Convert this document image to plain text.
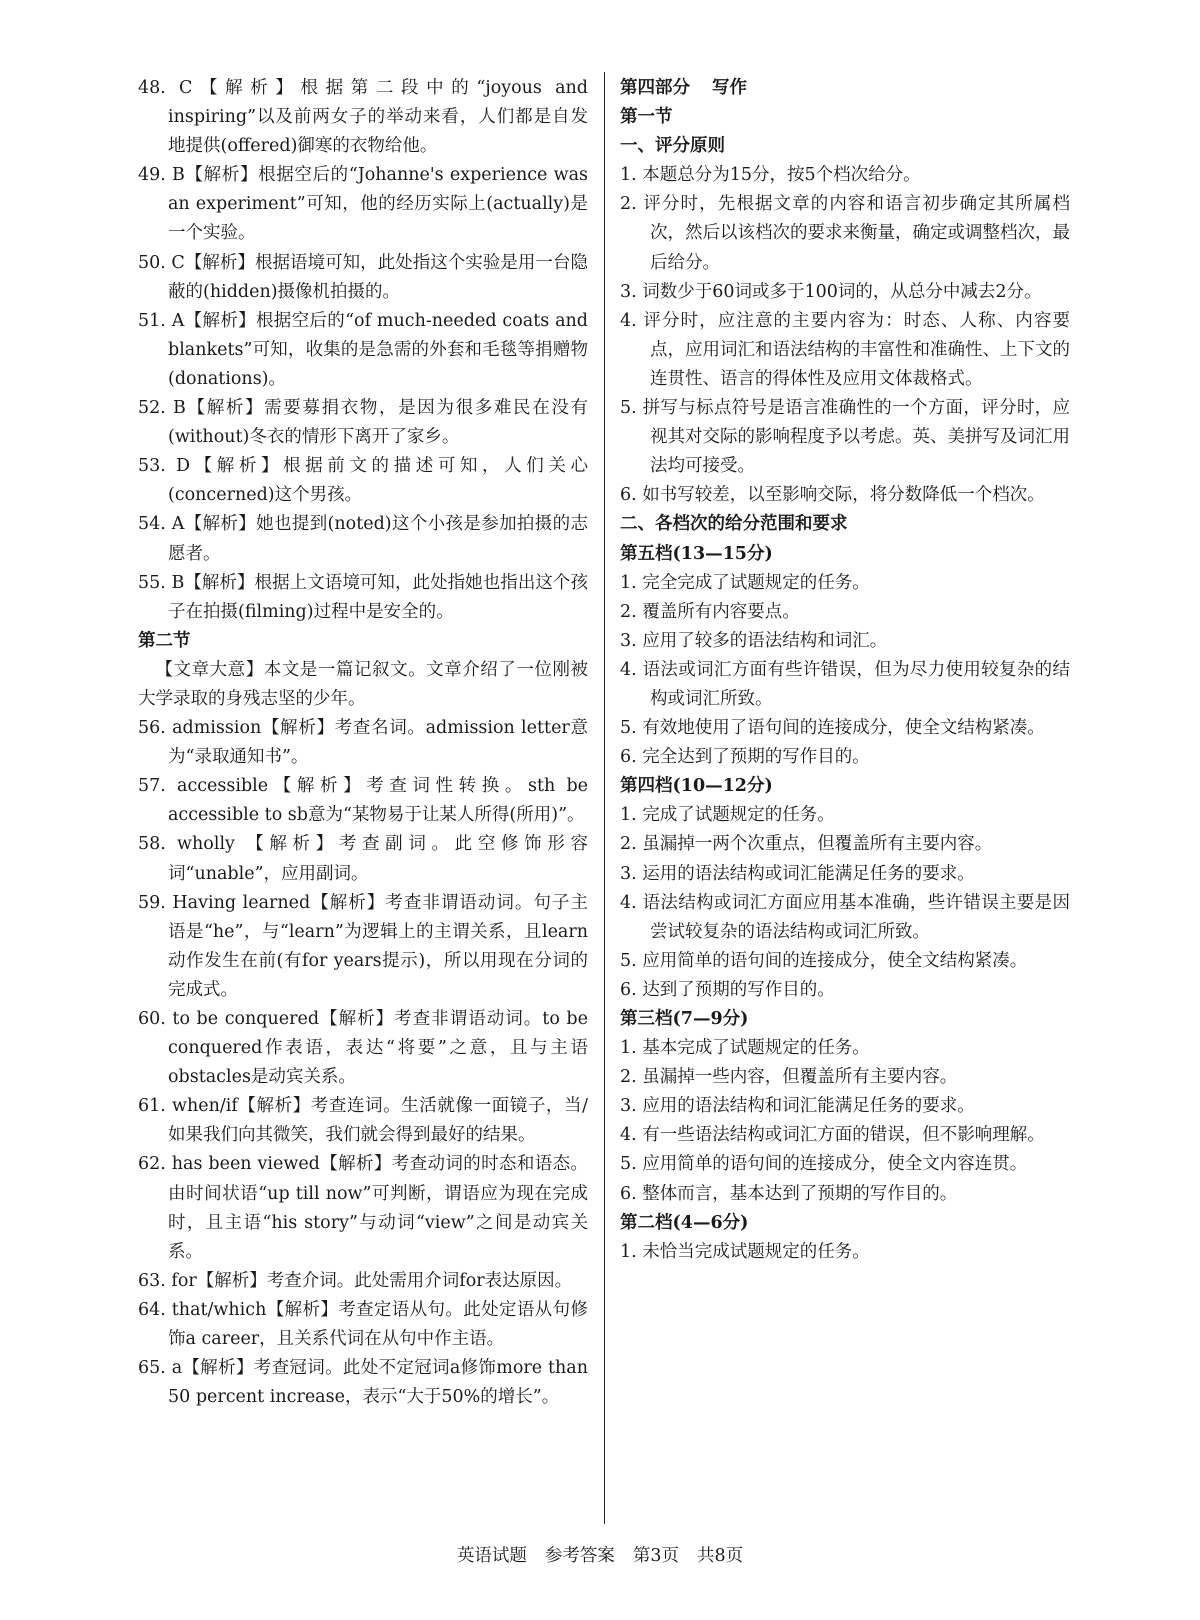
48. C【解析】根据第二段中的“joyous and inspiring”以及前两女子的举动来看，人们都是自发地提供(offered)御寒的衣物给他。

49. B【解析】根据空后的“Johanne's experience was an experiment”可知，他的经历实际上(actually)是一个实验。

50. C【解析】根据语境可知，此处指这个实验是用一台隐蔽的(hidden)摄像机拍摄的。

51. A【解析】根据空后的“of much-needed coats and blankets”可知，收集的是急需的外套和毛毯等捐赠物(donations)。

52. B【解析】需要募捐衣物，是因为很多难民在没有(without)冬衣的情形下离开了家乡。

53. D【解析】根据前文的描述可知，人们关心(concerned)这个男孩。

54. A【解析】她也提到(noted)这个小孩是参加拍摄的志愿者。

55. B【解析】根据上文语境可知，此处指她也指出这个孩子在拍摄(filming)过程中是安全的。

第二节

【文章大意】本文是一篇记叙文。文章介绍了一位刚被大学录取的身残志坚的少年。

56. admission【解析】考查名词。admission letter意为“录取通知书”。

57. accessible【解析】考查词性转换。sth be accessible to sb意为“某物易于让某人所得(所用)”。

58. wholly 【解析】考查副词。此空修饰形容词“unable”，应用副词。

59. Having learned【解析】考查非谓语动词。句子主语是“he”，与“learn”为逻辑上的主谓关系，且learn动作发生在前(有for years提示)，所以用现在分词的完成式。

60. to be conquered【解析】考查非谓语动词。to be conquered作表语，表达“将要”之意，且与主语obstacles是动宾关系。

61. when/if【解析】考查连词。生活就像一面镜子，当/如果我们向其微笑，我们就会得到最好的结果。

62. has been viewed【解析】考查动词的时态和语态。由时间状语“up till now”可判断，谓语应为现在完成时，且主语“his story”与动词“view”之间是动宾关系。

63. for【解析】考查介词。此处需用介词for表达原因。

64. that/which【解析】考查定语从句。此处定语从句修饰a career，且关系代词在从句中作主语。

65. a【解析】考查冠词。此处不定冠词a修饰more than 50 percent increase，表示“大于50%的增长”。

第四部分 写作

第一节

一、评分原则

1. 本题总分为15分，按5个档次给分。

2. 评分时，先根据文章的内容和语言初步确定其所属档次，然后以该档次的要求来衡量，确定或调整档次，最后给分。

3. 词数少于60词或多于100词的，从总分中减去2分。

4. 评分时，应注意的主要内容为：时态、人称、内容要点，应用词汇和语法结构的丰富性和准确性、上下文的连贯性、语言的得体性及应用文体裁格式。

5. 拼写与标点符号是语言准确性的一个方面，评分时，应视其对交际的影响程度予以考虑。英、美拼写及词汇用法均可接受。

6. 如书写较差，以至影响交际，将分数降低一个档次。

二、各档次的给分范围和要求

第五档(13—15分)

1. 完全完成了试题规定的任务。

2. 覆盖所有内容要点。

3. 应用了较多的语法结构和词汇。

4. 语法或词汇方面有些许错误，但为尽力使用较复杂的结构或词汇所致。

5. 有效地使用了语句间的连接成分，使全文结构紧凑。

6. 完全达到了预期的写作目的。

第四档(10—12分)

1. 完成了试题规定的任务。

2. 虽漏掉一两个次重点，但覆盖所有主要内容。

3. 运用的语法结构或词汇能满足任务的要求。

4. 语法结构或词汇方面应用基本准确，些许错误主要是因尝试较复杂的语法结构或词汇所致。

5. 应用简单的语句间的连接成分，使全文结构紧凑。

6. 达到了预期的写作目的。

第三档(7—9分)

1. 基本完成了试题规定的任务。

2. 虽漏掉一些内容，但覆盖所有主要内容。

3. 应用的语法结构和词汇能满足任务的要求。

4. 有一些语法结构或词汇方面的错误，但不影响理解。

5. 应用简单的语句间的连接成分，使全文内容连贯。

6. 整体而言，基本达到了预期的写作目的。

第二档(4—6分)

1. 未恰当完成试题规定的任务。

英语试题 参考答案 第3页 共8页
